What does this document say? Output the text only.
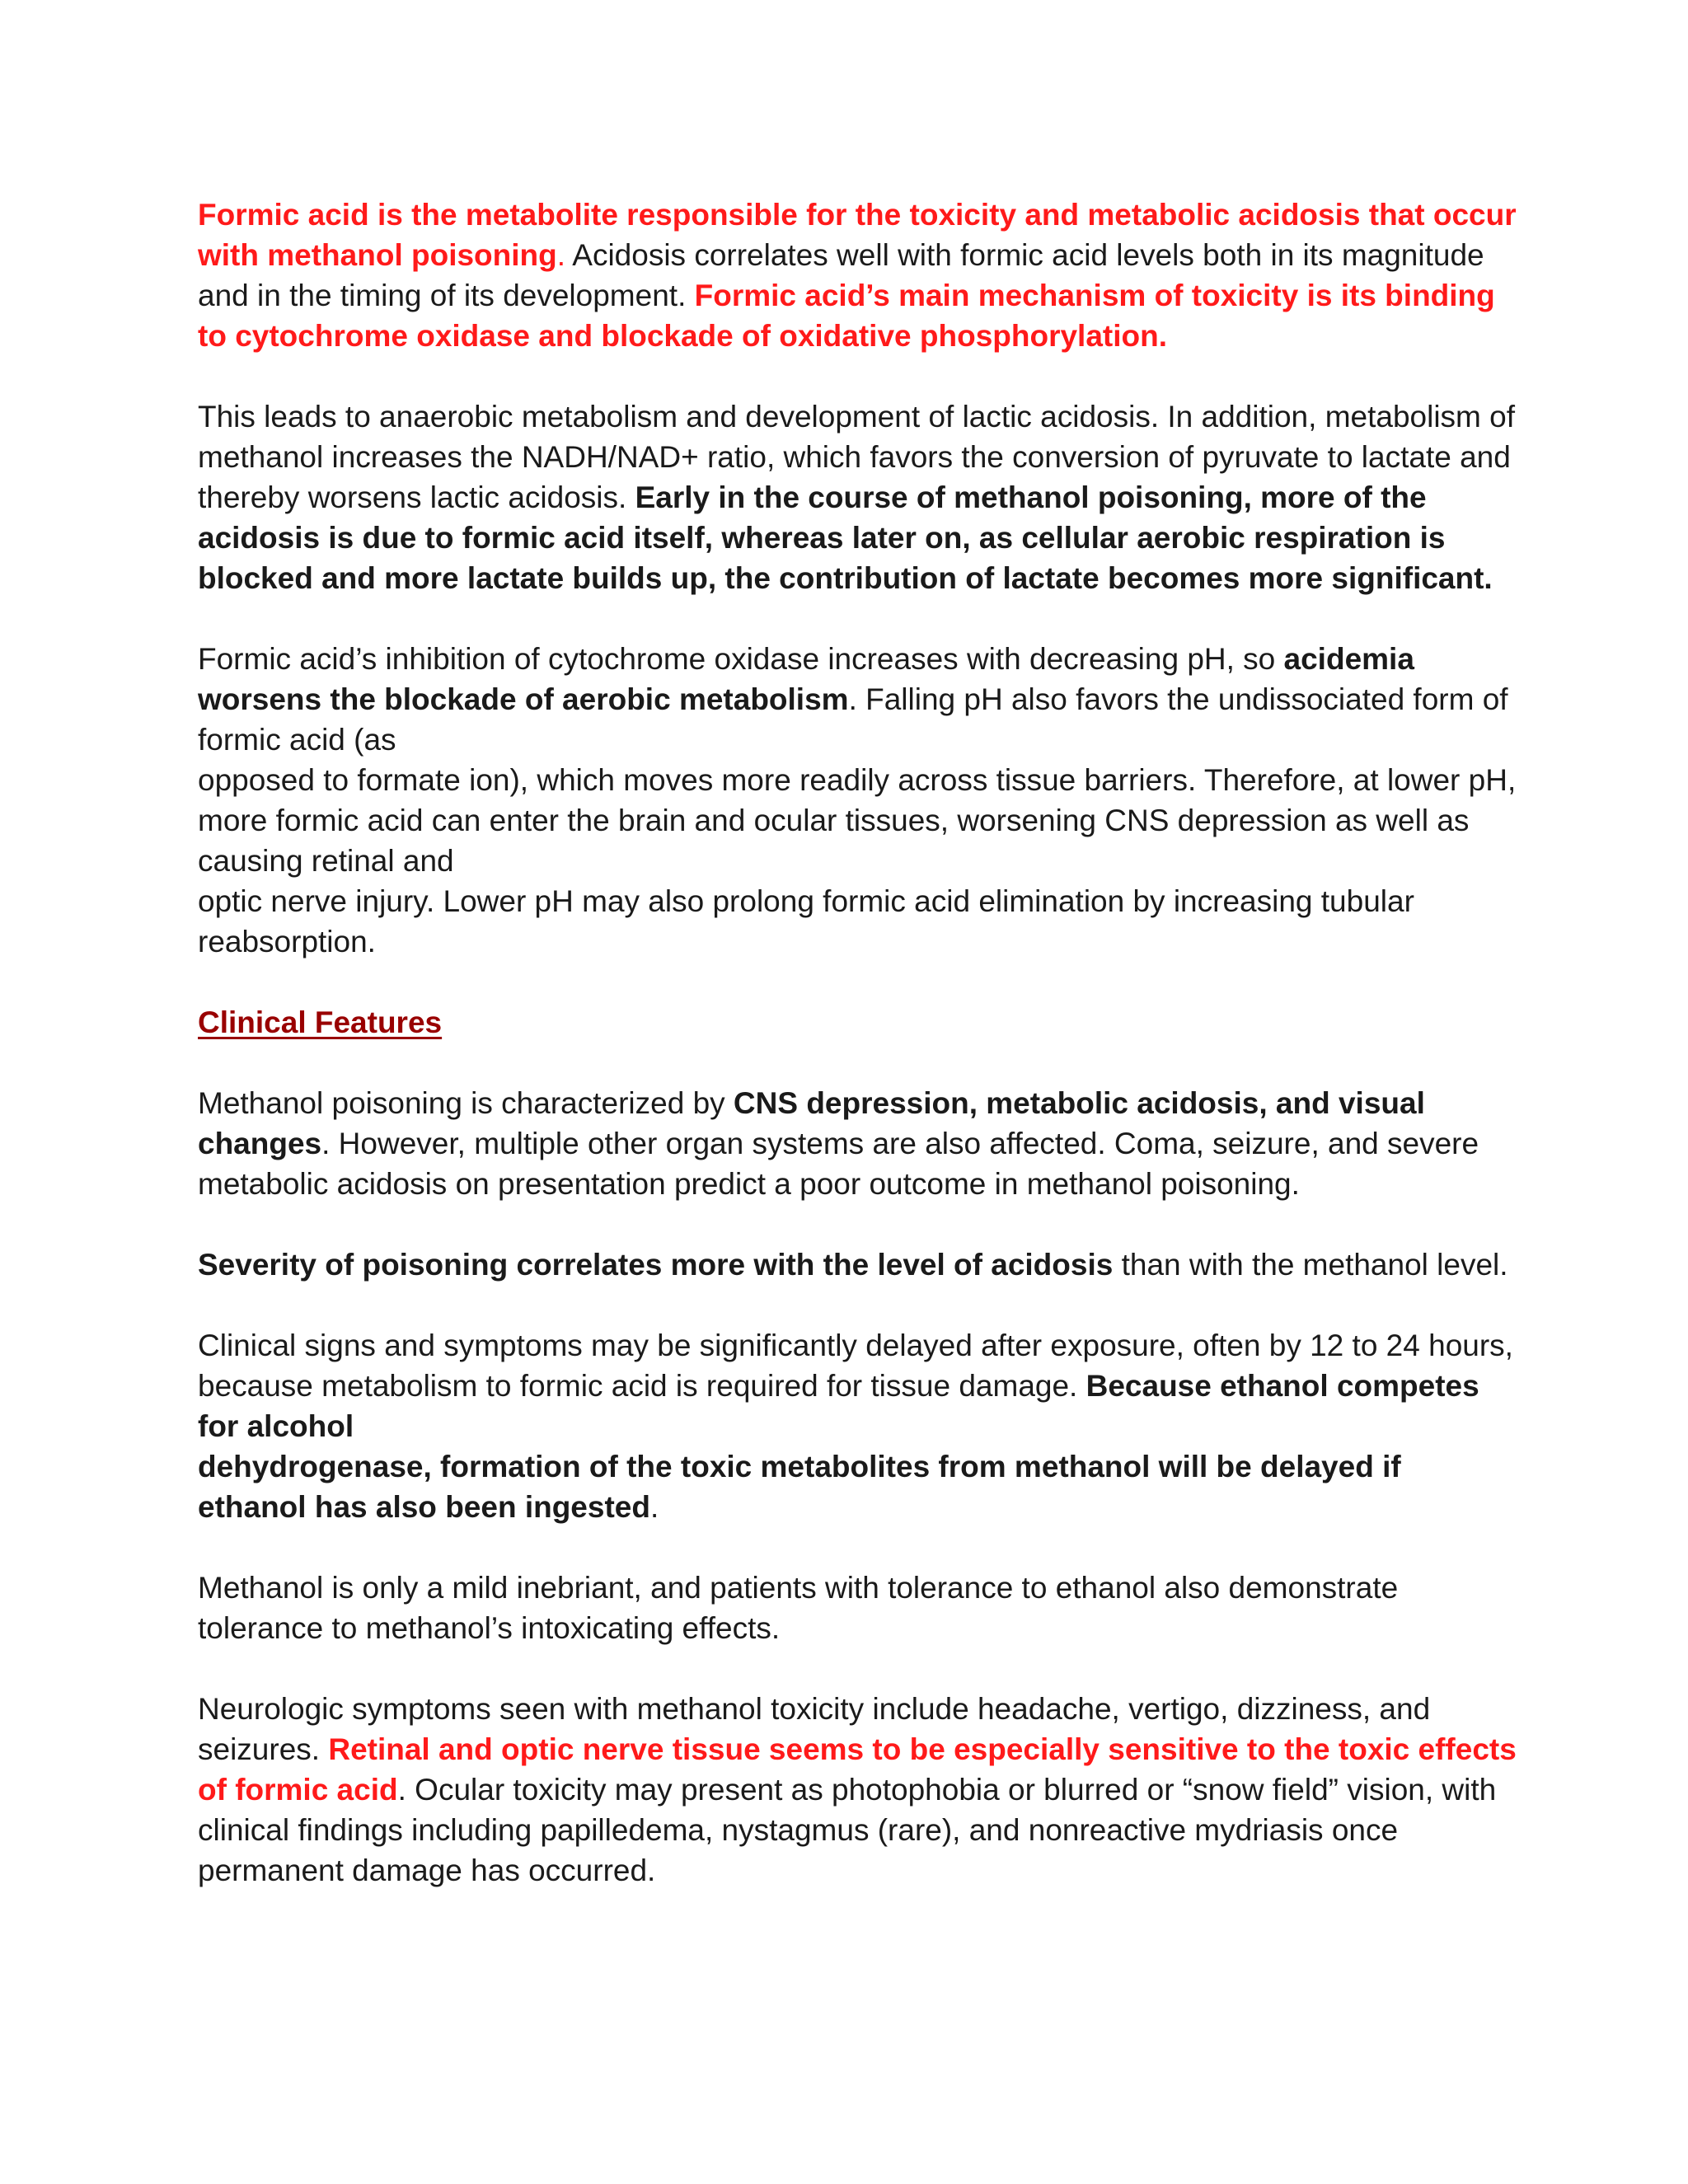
Formic acid is the metabolite responsible for the toxicity and metabolic acidosis that occur with methanol poisoning. Acidosis correlates well with formic acid levels both in its magnitude and in the timing of its development. Formic acid’s main mechanism of toxicity is its binding to cytochrome oxidase and blockade of oxidative phosphorylation.

This leads to anaerobic metabolism and development of lactic acidosis. In addition, metabolism of methanol increases the NADH/NAD+ ratio, which favors the conversion of pyruvate to lactate and thereby worsens lactic acidosis. Early in the course of methanol poisoning, more of the acidosis is due to formic acid itself, whereas later on, as cellular aerobic respiration is blocked and more lactate builds up, the contribution of lactate becomes more significant.

Formic acid’s inhibition of cytochrome oxidase increases with decreasing pH, so acidemia worsens the blockade of aerobic metabolism. Falling pH also favors the undissociated form of formic acid (as
opposed to formate ion), which moves more readily across tissue barriers. Therefore, at lower pH, more formic acid can enter the brain and ocular tissues, worsening CNS depression as well as causing retinal and
optic nerve injury. Lower pH may also prolong formic acid elimination by increasing tubular reabsorption.

Clinical Features

Methanol poisoning is characterized by CNS depression, metabolic acidosis, and visual changes. However, multiple other organ systems are also affected. Coma, seizure, and severe metabolic acidosis on presentation predict a poor outcome in methanol poisoning.

Severity of poisoning correlates more with the level of acidosis than with the methanol level.

Clinical signs and symptoms may be significantly delayed after exposure, often by 12 to 24 hours, because metabolism to formic acid is required for tissue damage. Because ethanol competes for alcohol
dehydrogenase, formation of the toxic metabolites from methanol will be delayed if ethanol has also been ingested.

Methanol is only a mild inebriant, and patients with tolerance to ethanol also demonstrate tolerance to methanol’s intoxicating effects.

Neurologic symptoms seen with methanol toxicity include headache, vertigo, dizziness, and seizures. Retinal and optic nerve tissue seems to be especially sensitive to the toxic effects of formic acid. Ocular toxicity may present as photophobia or blurred or “snow field” vision, with clinical findings including papilledema, nystagmus (rare), and nonreactive mydriasis once permanent damage has occurred.
